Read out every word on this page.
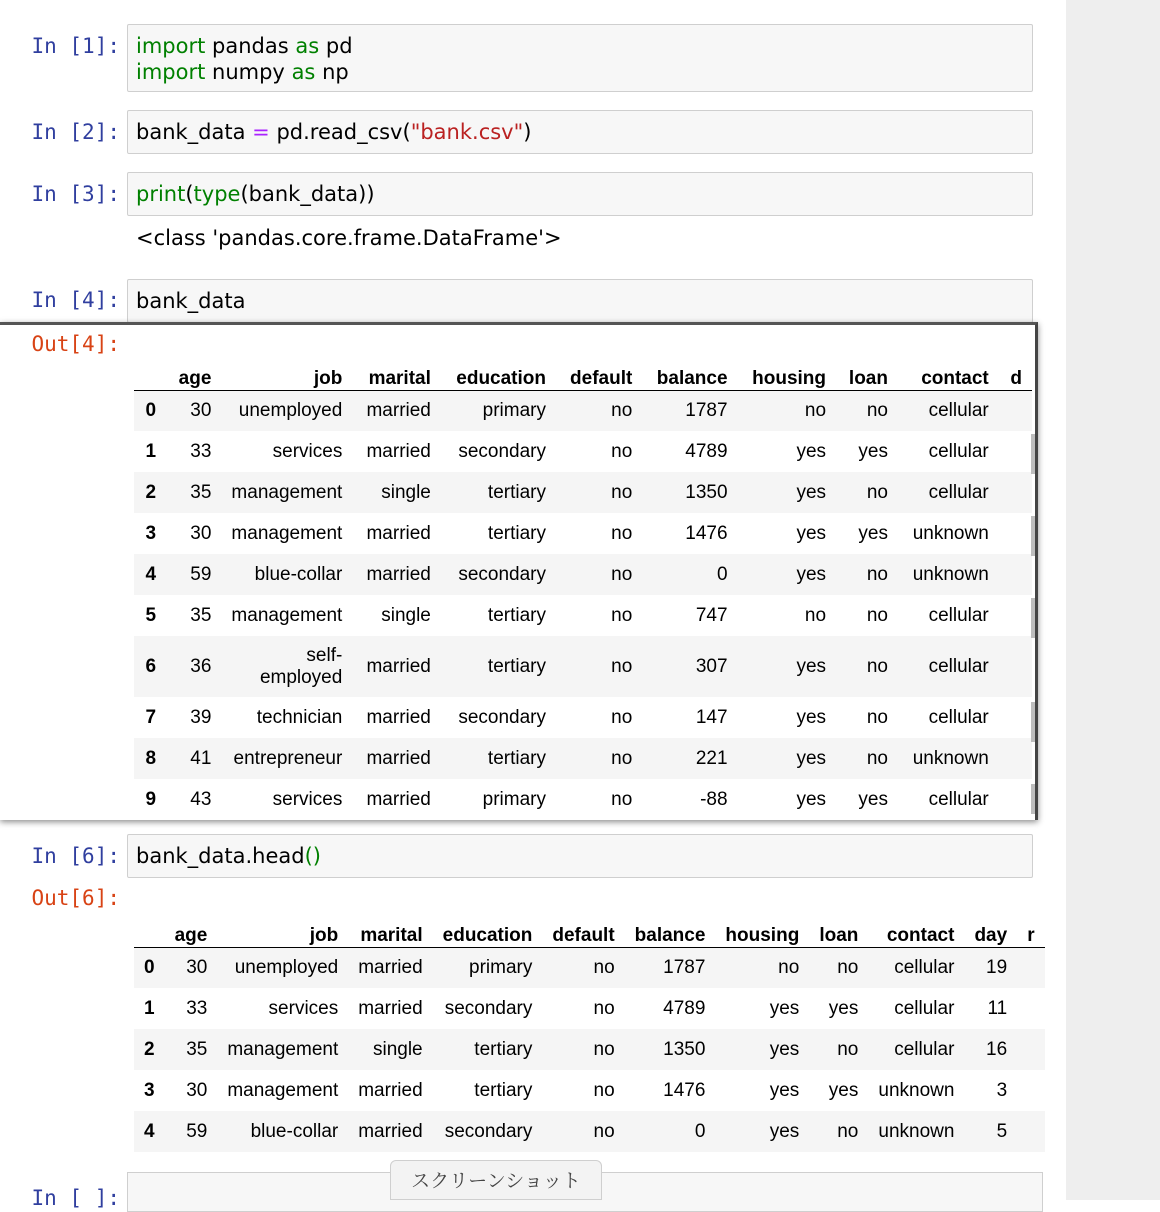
In [1]: import pandas as pd
import numpy as np
In [2]: bank_data = pd.read_csv("bank.csv")
In [3]: print(type(bank_data))
<class 'pandas.core.frame.DataFrame'>
In [4]: bank_data
Out[4]:
	age	job	marital	education	default	balance	housing	loan	contact	d
0	30	unemployed	married	primary	no	1787	no	no	cellular	
1	33	services	married	secondary	no	4789	yes	yes	cellular	
2	35	management	single	tertiary	no	1350	yes	no	cellular	
3	30	management	married	tertiary	no	1476	yes	yes	unknown	
4	59	blue-collar	married	secondary	no	0	yes	no	unknown	
5	35	management	single	tertiary	no	747	no	no	cellular	
6	36	self-employed	married	tertiary	no	307	yes	no	cellular	
7	39	technician	married	secondary	no	147	yes	no	cellular	
8	41	entrepreneur	married	tertiary	no	221	yes	no	unknown	
9	43	services	married	primary	no	-88	yes	yes	cellular	
In [6]: bank_data.head()
Out[6]:
	age	job	marital	education	default	balance	housing	loan	contact	day	r
0	30	unemployed	married	primary	no	1787	no	no	cellular	19	
1	33	services	married	secondary	no	4789	yes	yes	cellular	11	
2	35	management	single	tertiary	no	1350	yes	no	cellular	16	
3	30	management	married	tertiary	no	1476	yes	yes	unknown	3	
4	59	blue-collar	married	secondary	no	0	yes	no	unknown	5	
In [ ]:
スクリーンショット
